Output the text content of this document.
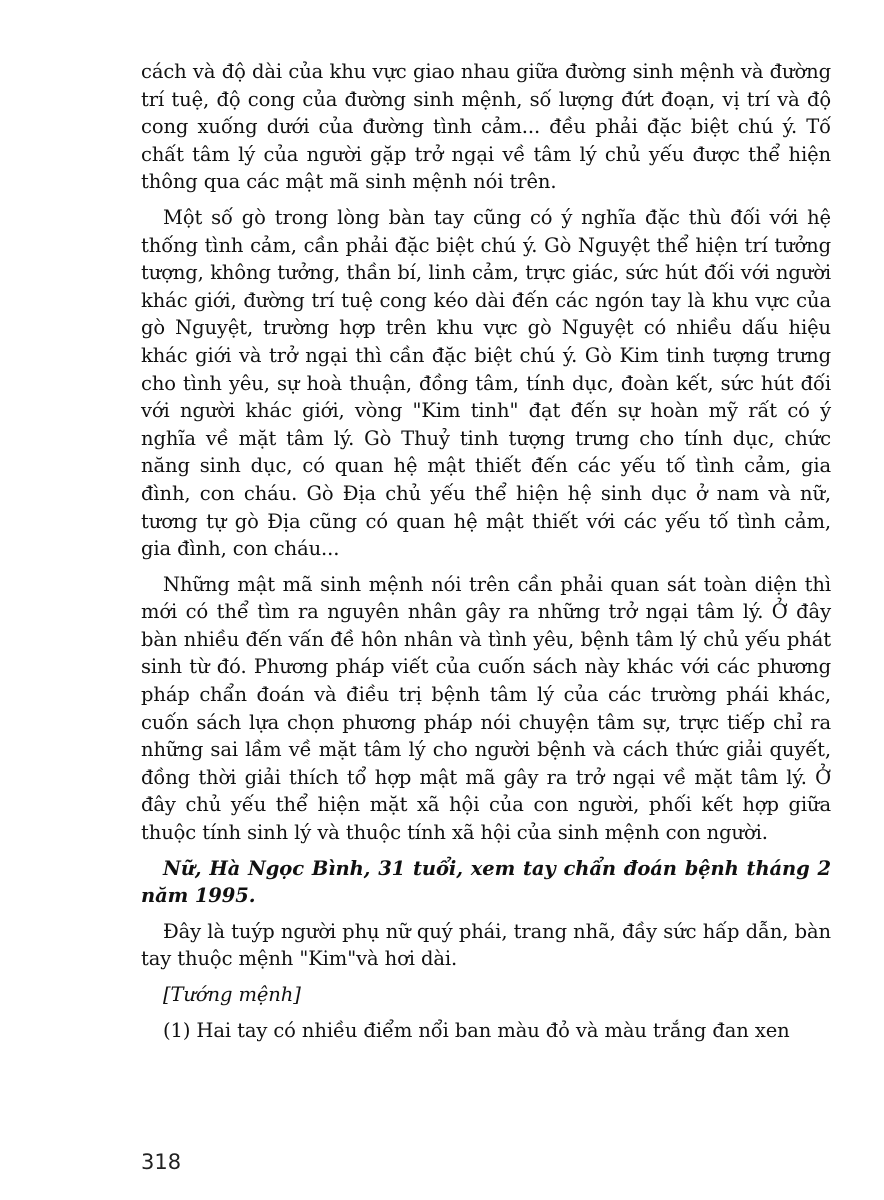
cách và độ dài của khu vực giao nhau giữa đường sinh mệnh và đường trí tuệ, độ cong của đường sinh mệnh, số lượng đứt đoạn, vị trí và độ cong xuống dưới của đường tình cảm... đều phải đặc biệt chú ý. Tố chất tâm lý của người gặp trở ngại về tâm lý chủ yếu được thể hiện thông qua các mật mã sinh mệnh nói trên.

Một số gò trong lòng bàn tay cũng có ý nghĩa đặc thù đối với hệ thống tình cảm, cần phải đặc biệt chú ý. Gò Nguyệt thể hiện trí tưởng tượng, không tưởng, thần bí, linh cảm, trực giác, sức hút đối với người khác giới, đường trí tuệ cong kéo dài đến các ngón tay là khu vực của gò Nguyệt, trường hợp trên khu vực gò Nguyệt có nhiều dấu hiệu khác giới và trở ngại thì cần đặc biệt chú ý. Gò Kim tinh tượng trưng cho tình yêu, sự hoà thuận, đồng tâm, tính dục, đoàn kết, sức hút đối với người khác giới, vòng "Kim tinh" đạt đến sự hoàn mỹ rất có ý nghĩa về mặt tâm lý. Gò Thuỷ tinh tượng trưng cho tính dục, chức năng sinh dục, có quan hệ mật thiết đến các yếu tố tình cảm, gia đình, con cháu. Gò Địa chủ yếu thể hiện hệ sinh dục ở nam và nữ, tương tự gò Địa cũng có quan hệ mật thiết với các yếu tố tình cảm, gia đình, con cháu...

Những mật mã sinh mệnh nói trên cần phải quan sát toàn diện thì mới có thể tìm ra nguyên nhân gây ra những trở ngại tâm lý. Ở đây bàn nhiều đến vấn đề hôn nhân và tình yêu, bệnh tâm lý chủ yếu phát sinh từ đó. Phương pháp viết của cuốn sách này khác với các phương pháp chẩn đoán và điều trị bệnh tâm lý của các trường phái khác, cuốn sách lựa chọn phương pháp nói chuyện tâm sự, trực tiếp chỉ ra những sai lầm về mặt tâm lý cho người bệnh và cách thức giải quyết, đồng thời giải thích tổ hợp mật mã gây ra trở ngại về mặt tâm lý. Ở đây chủ yếu thể hiện mặt xã hội của con người, phối kết hợp giữa thuộc tính sinh lý và thuộc tính xã hội của sinh mệnh con người.

Nữ, Hà Ngọc Bình, 31 tuổi, xem tay chẩn đoán bệnh tháng 2 năm 1995.

Đây là tuýp người phụ nữ quý phái, trang nhã, đầy sức hấp dẫn, bàn tay thuộc mệnh "Kim"và hơi dài.

[Tướng mệnh]

(1) Hai tay có nhiều điểm nổi ban màu đỏ và màu trắng đan xen

318
